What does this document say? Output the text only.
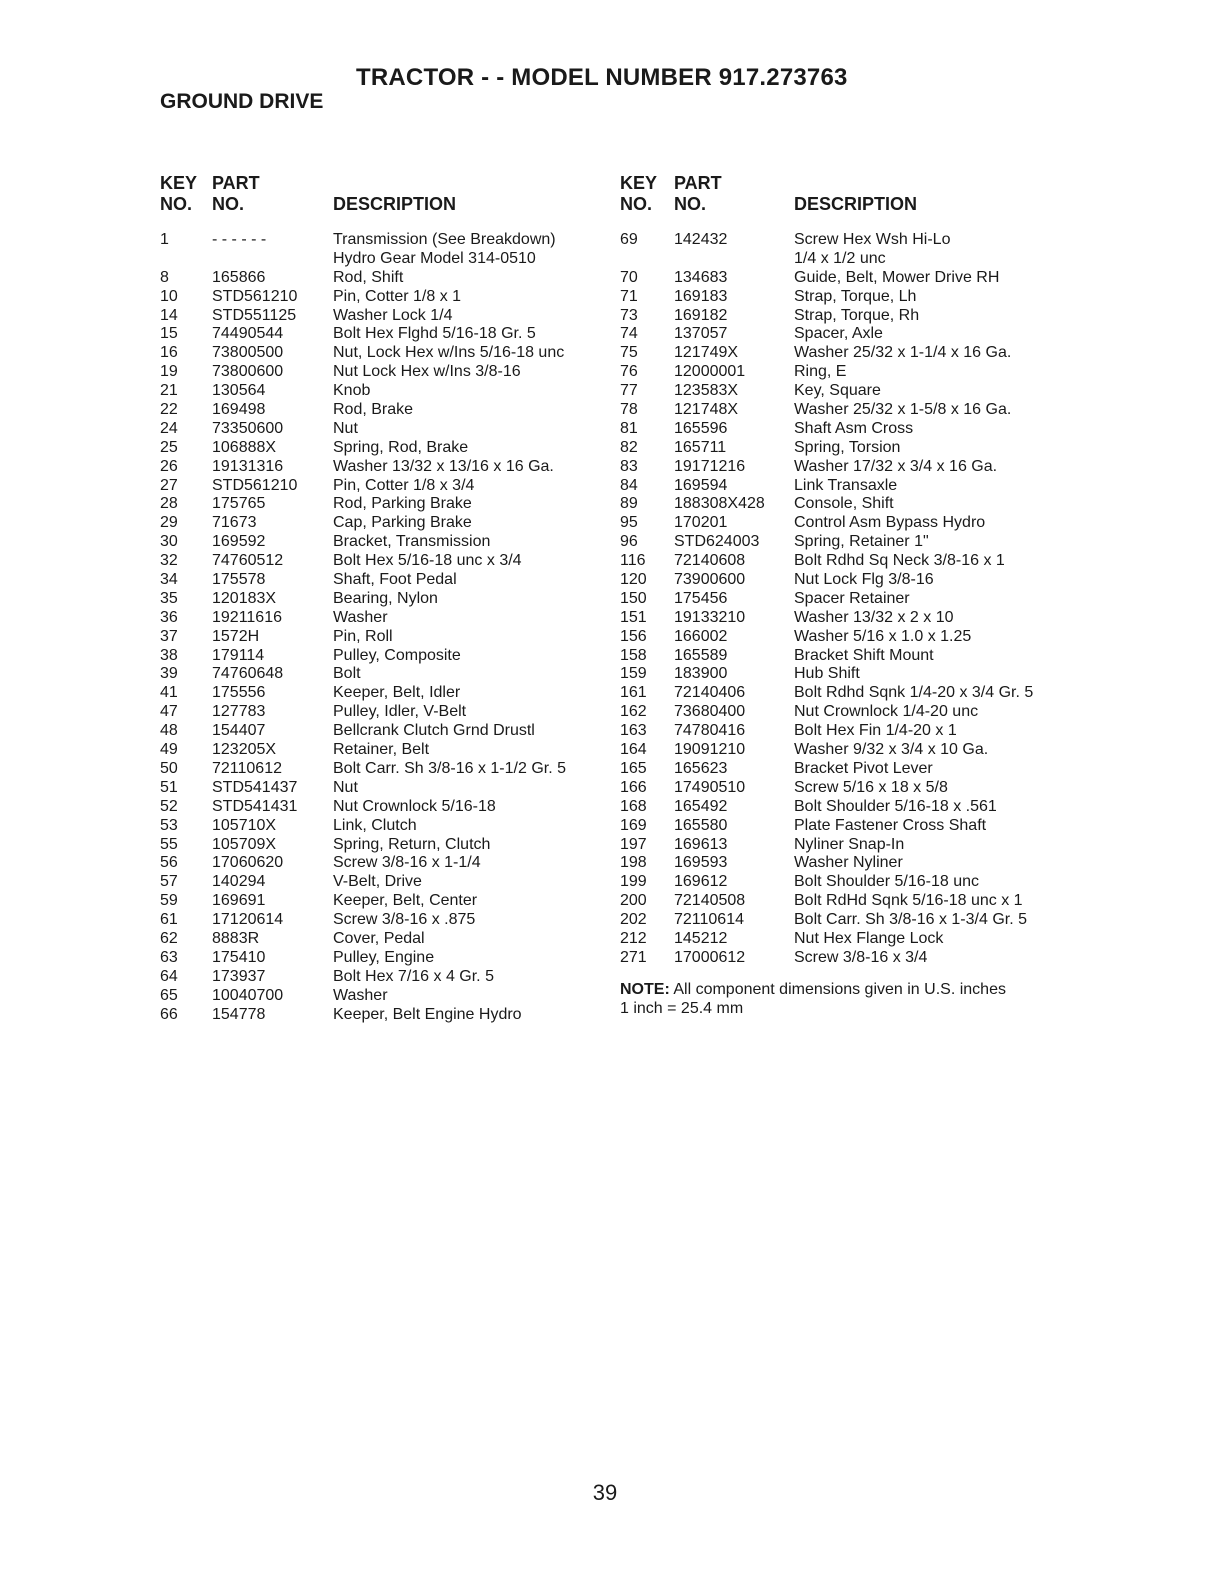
TRACTOR - - MODEL NUMBER 917.273763
GROUND DRIVE
KEY
NO.
PART
NO.	DESCRIPTION
1	- - - - - -	Transmission (See Breakdown)
Hydro Gear Model 314-0510
8	165866	Rod, Shift
10 STD561210 Pin, Cotter 1/8 x 1
14 STD551125 Washer Lock 1/4
15 74490544	Bolt Hex Flghd 5/16-18 Gr. 5
16 73800500	Nut, Lock Hex w/Ins 5/16-18 unc
19 73800600	Nut Lock Hex w/Ins 3/8-16
21 130564	Knob
22 169498	Rod, Brake
24 73350600	Nut
25 106888X	Spring, Rod, Brake
26 19131316	Washer 13/32 x 13/16 x 16 Ga.
27 STD561210 Pin, Cotter 1/8 x 3/4
28 175765	Rod, Parking Brake
29 71673	Cap, Parking Brake
30 169592	Bracket, Transmission
32 74760512	Bolt Hex 5/16-18 unc x 3/4
34 175578	Shaft, Foot Pedal
35 120183X	Bearing, Nylon
36 19211616	Washer
37 1572H	Pin, Roll
38 179114	Pulley, Composite
39 74760648	Bolt
41 175556	Keeper, Belt, Idler
47 127783	Pulley, Idler, V-Belt
48 154407	Bellcrank Clutch Grnd Drustl
49 123205X	Retainer, Belt
50 72110612	Bolt Carr. Sh 3/8-16 x 1-1/2 Gr. 5
51 STD541437 Nut
52 STD541431 Nut Crownlock 5/16-18
53 105710X	Link, Clutch
55 105709X	Spring, Return, Clutch
56 17060620	Screw 3/8-16 x 1-1/4
57 140294	V-Belt, Drive
59 169691	Keeper, Belt, Center
61 17120614	Screw 3/8-16 x .875
62 8883R	Cover, Pedal
63 175410	Pulley, Engine
64 173937	Bolt Hex 7/16 x 4 Gr. 5
65 10040700	Washer
66 154778	Keeper, Belt Engine Hydro
KEY
NO.
PART
NO.	DESCRIPTION
69 142432	Screw Hex Wsh Hi-Lo
1/4 x 1/2 unc
70 134683	Guide, Belt, Mower Drive RH
71 169183	Strap, Torque, Lh
73 169182	Strap, Torque, Rh
74 137057	Spacer, Axle
75 121749X	Washer 25/32 x 1-1/4 x 16 Ga.
76 12000001	Ring, E
77 123583X	Key, Square
78 121748X	Washer 25/32 x 1-5/8 x 16 Ga.
81 165596	Shaft Asm Cross
82 165711	Spring, Torsion
83 19171216	Washer 17/32 x 3/4 x 16 Ga.
84 169594	Link Transaxle
89 188308X428 Console, Shift
95 170201	Control Asm Bypass Hydro
96 STD624003 Spring, Retainer 1"
116 72140608	Bolt Rdhd Sq Neck 3/8-16 x 1
120 73900600	Nut Lock Flg 3/8-16
150 175456	Spacer Retainer
151 19133210	Washer 13/32 x 2 x 10
156 166002	Washer 5/16 x 1.0 x 1.25
158 165589	Bracket Shift Mount
159 183900	Hub Shift
161 72140406	Bolt Rdhd Sqnk 1/4-20 x 3/4 Gr. 5
162 73680400	Nut Crownlock 1/4-20 unc
163 74780416	Bolt Hex Fin 1/4-20 x 1
164 19091210	Washer 9/32 x 3/4 x 10 Ga.
165 165623	Bracket Pivot Lever
166 17490510	Screw 5/16 x 18 x 5/8
168 165492	Bolt Shoulder 5/16-18 x .561
169 165580	Plate Fastener Cross Shaft
197 169613	Nyliner Snap-In
198 169593	Washer Nyliner
199 169612	Bolt Shoulder 5/16-18 unc
200 72140508	Bolt RdHd Sqnk 5/16-18 unc x 1
202 72110614	Bolt Carr. Sh 3/8-16 x 1-3/4 Gr. 5
212 145212	Nut Hex Flange Lock
271 17000612	Screw 3/8-16 x 3/4
NOTE: All component dimensions given in U.S. inches
1 inch = 25.4 mm
39
